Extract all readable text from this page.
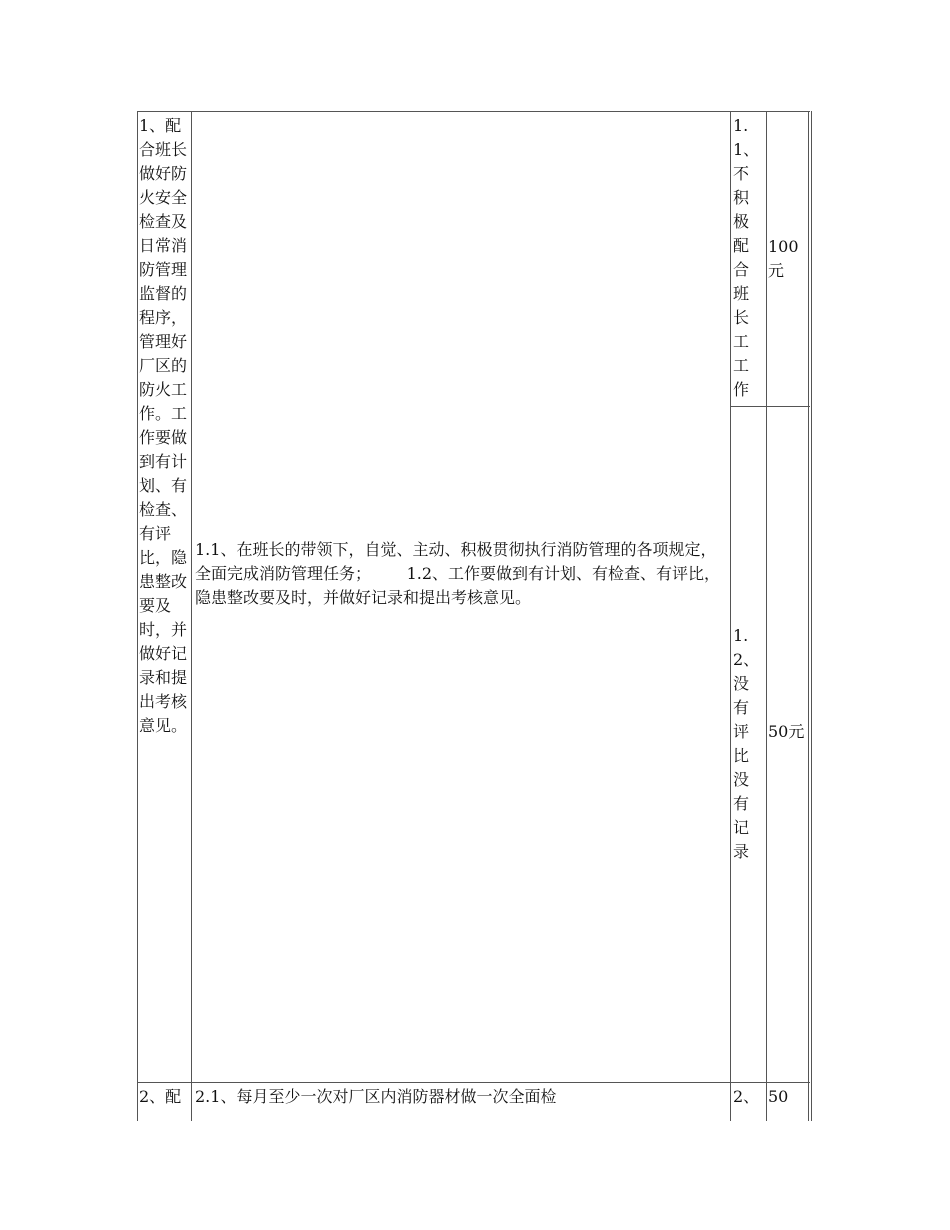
1、配合班长做好防火安全检查及日常消防管理监督的程序，管理好厂区的防火工作。工作要做到有计划、有检查、有评比，隐患整改要及时，并做好记录和提出考核意见。
1.1、在班长的带领下，自觉、主动、积极贯彻执行消防管理的各项规定，全面完成消防管理任务；       1.2、工作要做到有计划、有检查、有评比，隐患整改要及时，并做好记录和提出考核意见。
1.1、不积极配合班长工工作
100元
1.2、没有评比没有记录
50元
2、配 2.1、每月至少一次对厂区内消防器材做一次全面检	2、 50
